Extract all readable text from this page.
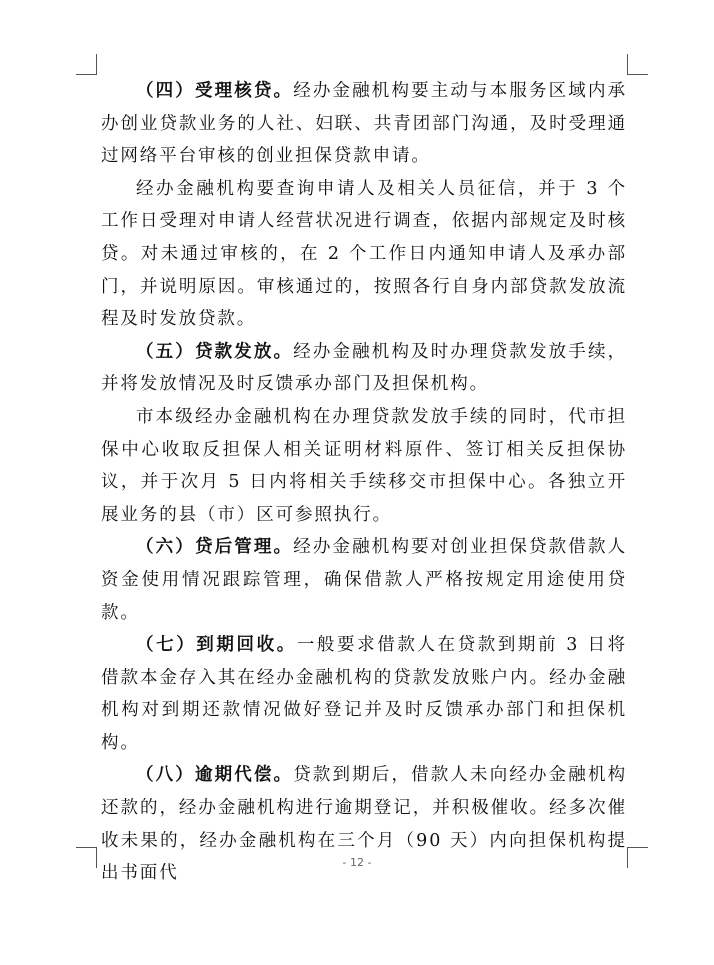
（四）受理核贷。经办金融机构要主动与本服务区域内承办创业贷款业务的人社、妇联、共青团部门沟通，及时受理通过网络平台审核的创业担保贷款申请。

经办金融机构要查询申请人及相关人员征信，并于 3 个工作日受理对申请人经营状况进行调查，依据内部规定及时核贷。对未通过审核的，在 2 个工作日内通知申请人及承办部门，并说明原因。审核通过的，按照各行自身内部贷款发放流程及时发放贷款。

（五）贷款发放。经办金融机构及时办理贷款发放手续，并将发放情况及时反馈承办部门及担保机构。

市本级经办金融机构在办理贷款发放手续的同时，代市担保中心收取反担保人相关证明材料原件、签订相关反担保协议，并于次月 5 日内将相关手续移交市担保中心。各独立开展业务的县（市）区可参照执行。

（六）贷后管理。经办金融机构要对创业担保贷款借款人资金使用情况跟踪管理，确保借款人严格按规定用途使用贷款。

（七）到期回收。一般要求借款人在贷款到期前 3 日将借款本金存入其在经办金融机构的贷款发放账户内。经办金融机构对到期还款情况做好登记并及时反馈承办部门和担保机构。

（八）逾期代偿。贷款到期后，借款人未向经办金融机构还款的，经办金融机构进行逾期登记，并积极催收。经多次催收未果的，经办金融机构在三个月（90 天）内向担保机构提出书面代

- 12 -
